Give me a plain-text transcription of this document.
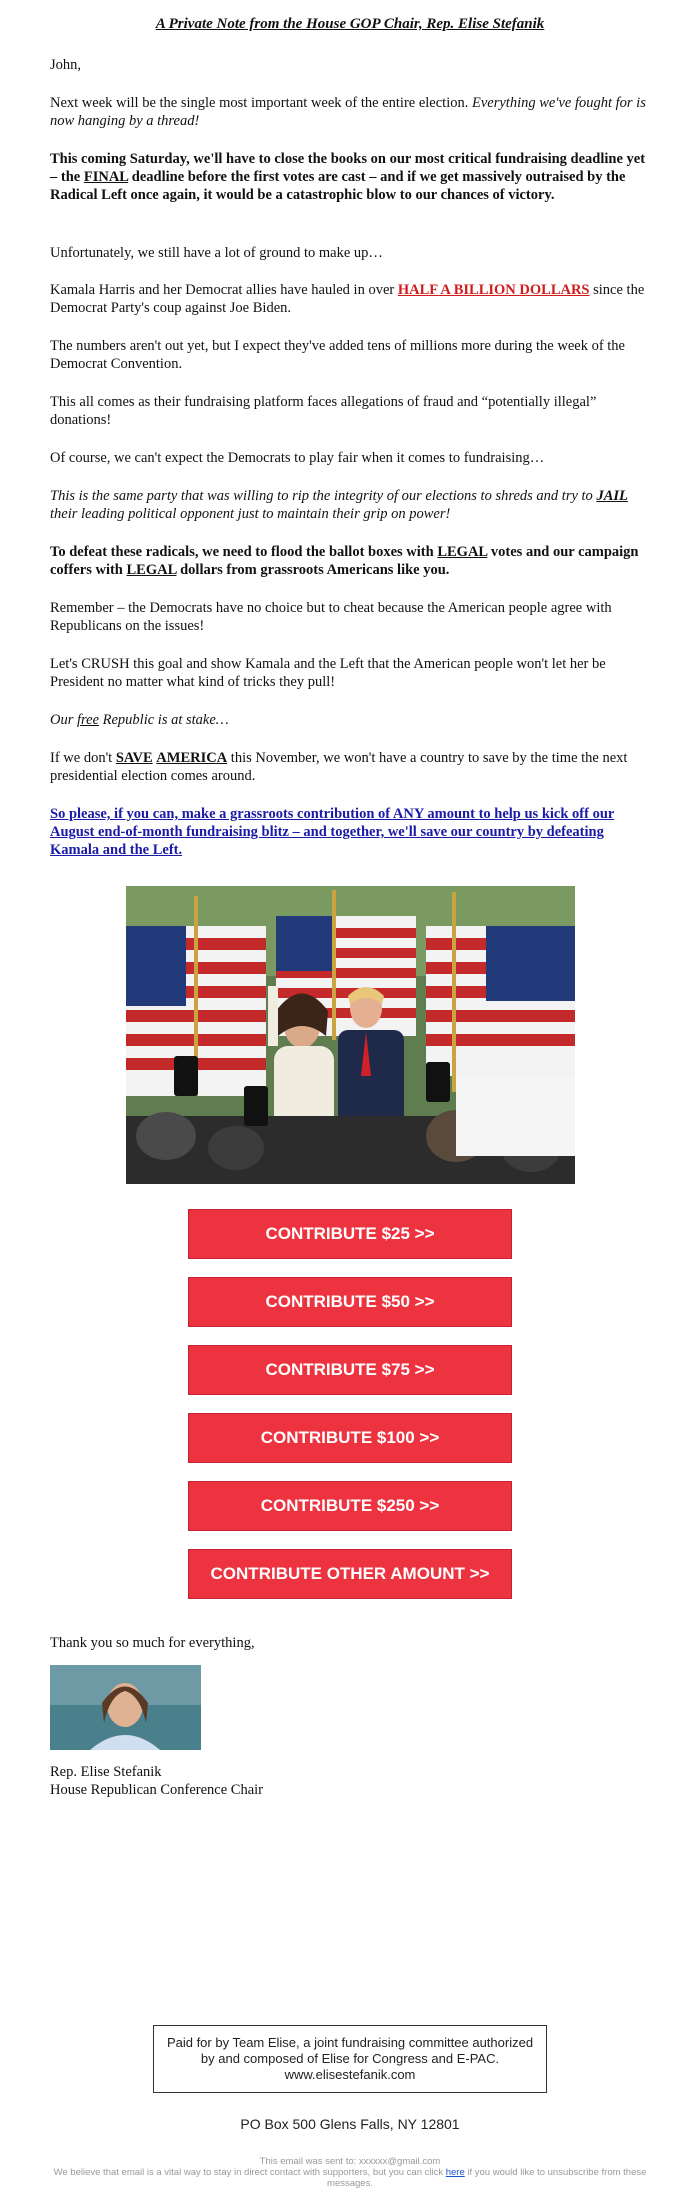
A Private Note from the House GOP Chair, Rep. Elise Stefanik

John,

Next week will be the single most important week of the entire election. Everything we've fought for is now hanging by a thread!

This coming Saturday, we'll have to close the books on our most critical fundraising deadline yet – the FINAL deadline before the first votes are cast – and if we get massively outraised by the Radical Left once again, it would be a catastrophic blow to our chances of victory.

Unfortunately, we still have a lot of ground to make up…

Kamala Harris and her Democrat allies have hauled in over HALF A BILLION DOLLARS since the Democrat Party's coup against Joe Biden.

The numbers aren't out yet, but I expect they've added tens of millions more during the week of the Democrat Convention.

This all comes as their fundraising platform faces allegations of fraud and “potentially illegal” donations!

Of course, we can't expect the Democrats to play fair when it comes to fundraising…

This is the same party that was willing to rip the integrity of our elections to shreds and try to JAIL their leading political opponent just to maintain their grip on power!

To defeat these radicals, we need to flood the ballot boxes with LEGAL votes and our campaign coffers with LEGAL dollars from grassroots Americans like you.

Remember – the Democrats have no choice but to cheat because the American people agree with Republicans on the issues!

Let's CRUSH this goal and show Kamala and the Left that the American people won't let her be President no matter what kind of tricks they pull!

Our free Republic is at stake…

If we don't SAVE AMERICA this November, we won't have a country to save by the time the next presidential election comes around.

So please, if you can, make a grassroots contribution of ANY amount to help us kick off our August end-of-month fundraising blitz – and together, we'll save our country by defeating Kamala and the Left.

CONTRIBUTE $25 >>
CONTRIBUTE $50 >>
CONTRIBUTE $75 >>
CONTRIBUTE $100 >>
CONTRIBUTE $250 >>
CONTRIBUTE OTHER AMOUNT >>

Thank you so much for everything,

Rep. Elise Stefanik

House Republican Conference Chair

Paid for by Team Elise, a joint fundraising committee authorized by and composed of Elise for Congress and E-PAC. www.elisestefanik.com
PO Box 500 Glens Falls, NY 12801
This email was sent to: xxxxxx@gmail.com
We believe that email is a vital way to stay in direct contact with supporters, but you can click here if you would like to unsubscribe from these messages.
